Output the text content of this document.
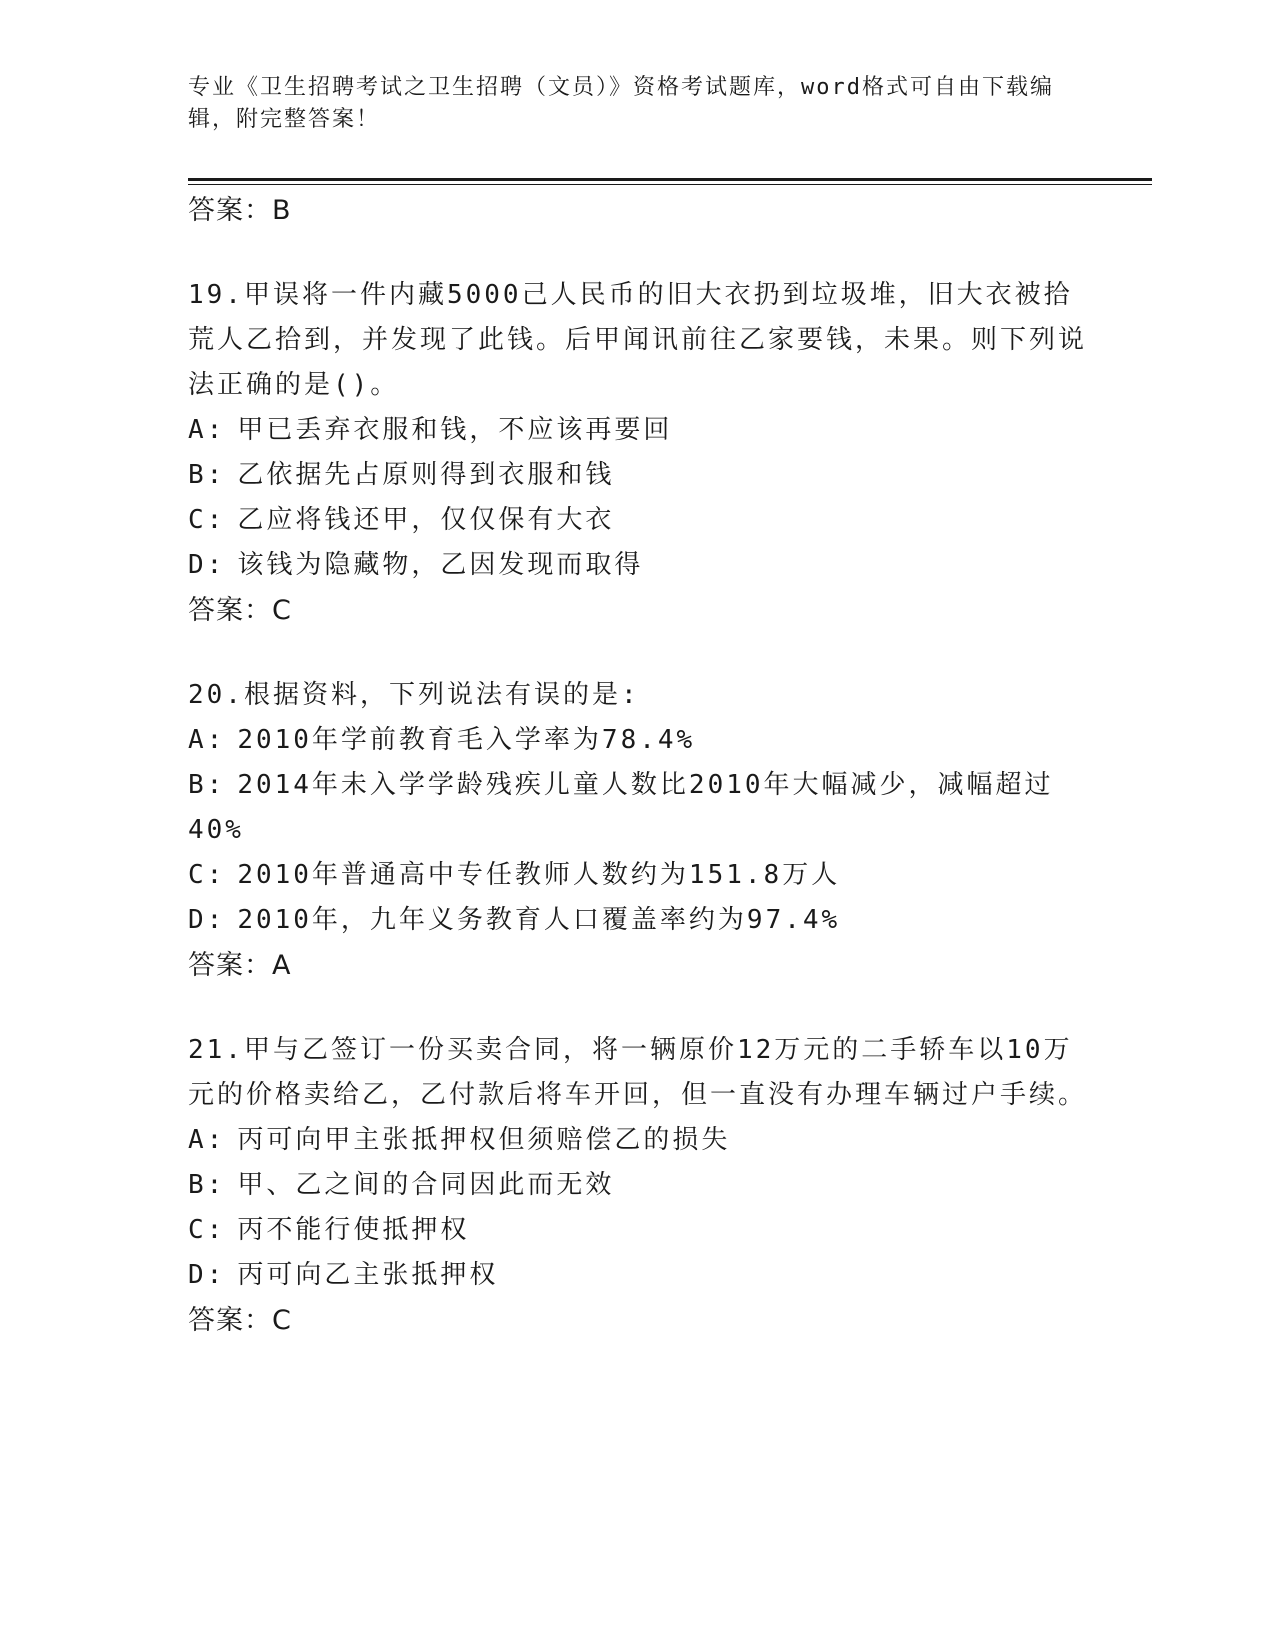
专业《卫生招聘考试之卫生招聘（文员）》资格考试题库，word格式可自由下载编辑，附完整答案！
答案：B
19.甲误将一件内藏5000己人民币的旧大衣扔到垃圾堆，旧大衣被拾荒人乙拾到，并发现了此钱。后甲闻讯前往乙家要钱，未果。则下列说法正确的是()。
A: 甲已丢弃衣服和钱，不应该再要回
B: 乙依据先占原则得到衣服和钱
C: 乙应将钱还甲，仅仅保有大衣
D: 该钱为隐藏物，乙因发现而取得
答案：C
20.根据资料，下列说法有误的是:
A: 2010年学前教育毛入学率为78.4%
B: 2014年未入学学龄残疾儿童人数比2010年大幅减少，减幅超过40%
C: 2010年普通高中专任教师人数约为151.8万人
D: 2010年，九年义务教育人口覆盖率约为97.4%
答案：A
21.甲与乙签订一份买卖合同，将一辆原价12万元的二手轿车以10万元的价格卖给乙，乙付款后将车开回，但一直没有办理车辆过户手续。
A: 丙可向甲主张抵押权但须赔偿乙的损失
B: 甲、乙之间的合同因此而无效
C: 丙不能行使抵押权
D: 丙可向乙主张抵押权
答案：C
